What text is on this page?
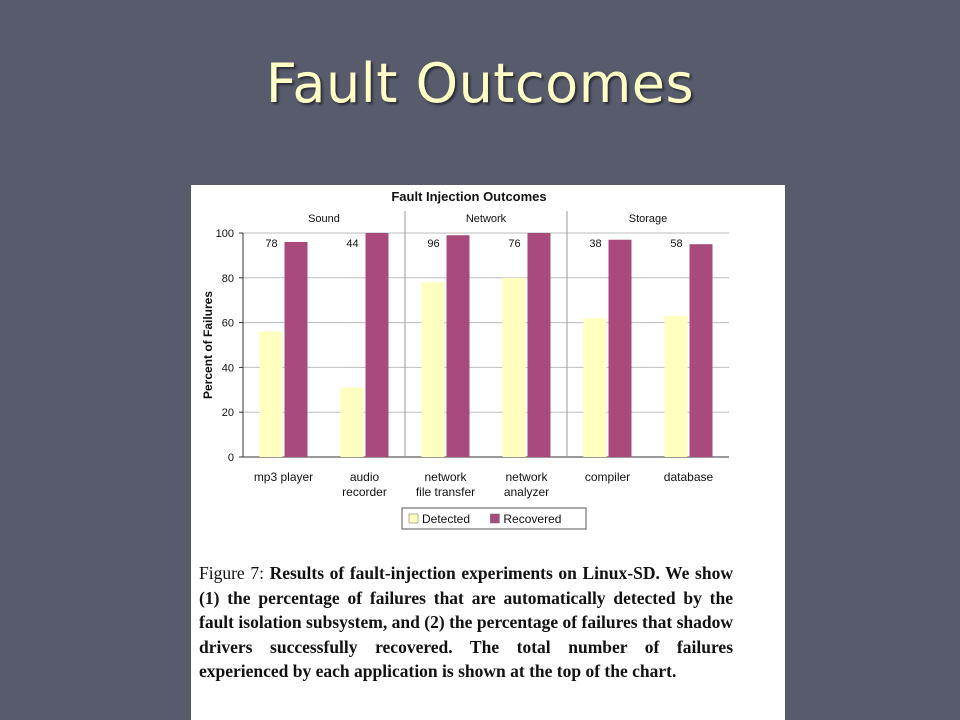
Fault Outcomes
Fault Injection Outcomes
Percent of Failures
0
20
40
60
80
100
Sound	Network	Storage
78
mp3 player
44
audio
recorder
96
network
file transfer
76
network
analyzer
38
compiler
58
database
Detected	Recovered
Figure 7: Results of fault-injection experiments on Linux-SD. We show (1) the percentage of failures that are automatically detected by the fault isolation subsystem, and (2) the percentage of failures that shadow drivers successfully recovered. The total number of failures experienced by each application is shown at the top of the chart.
